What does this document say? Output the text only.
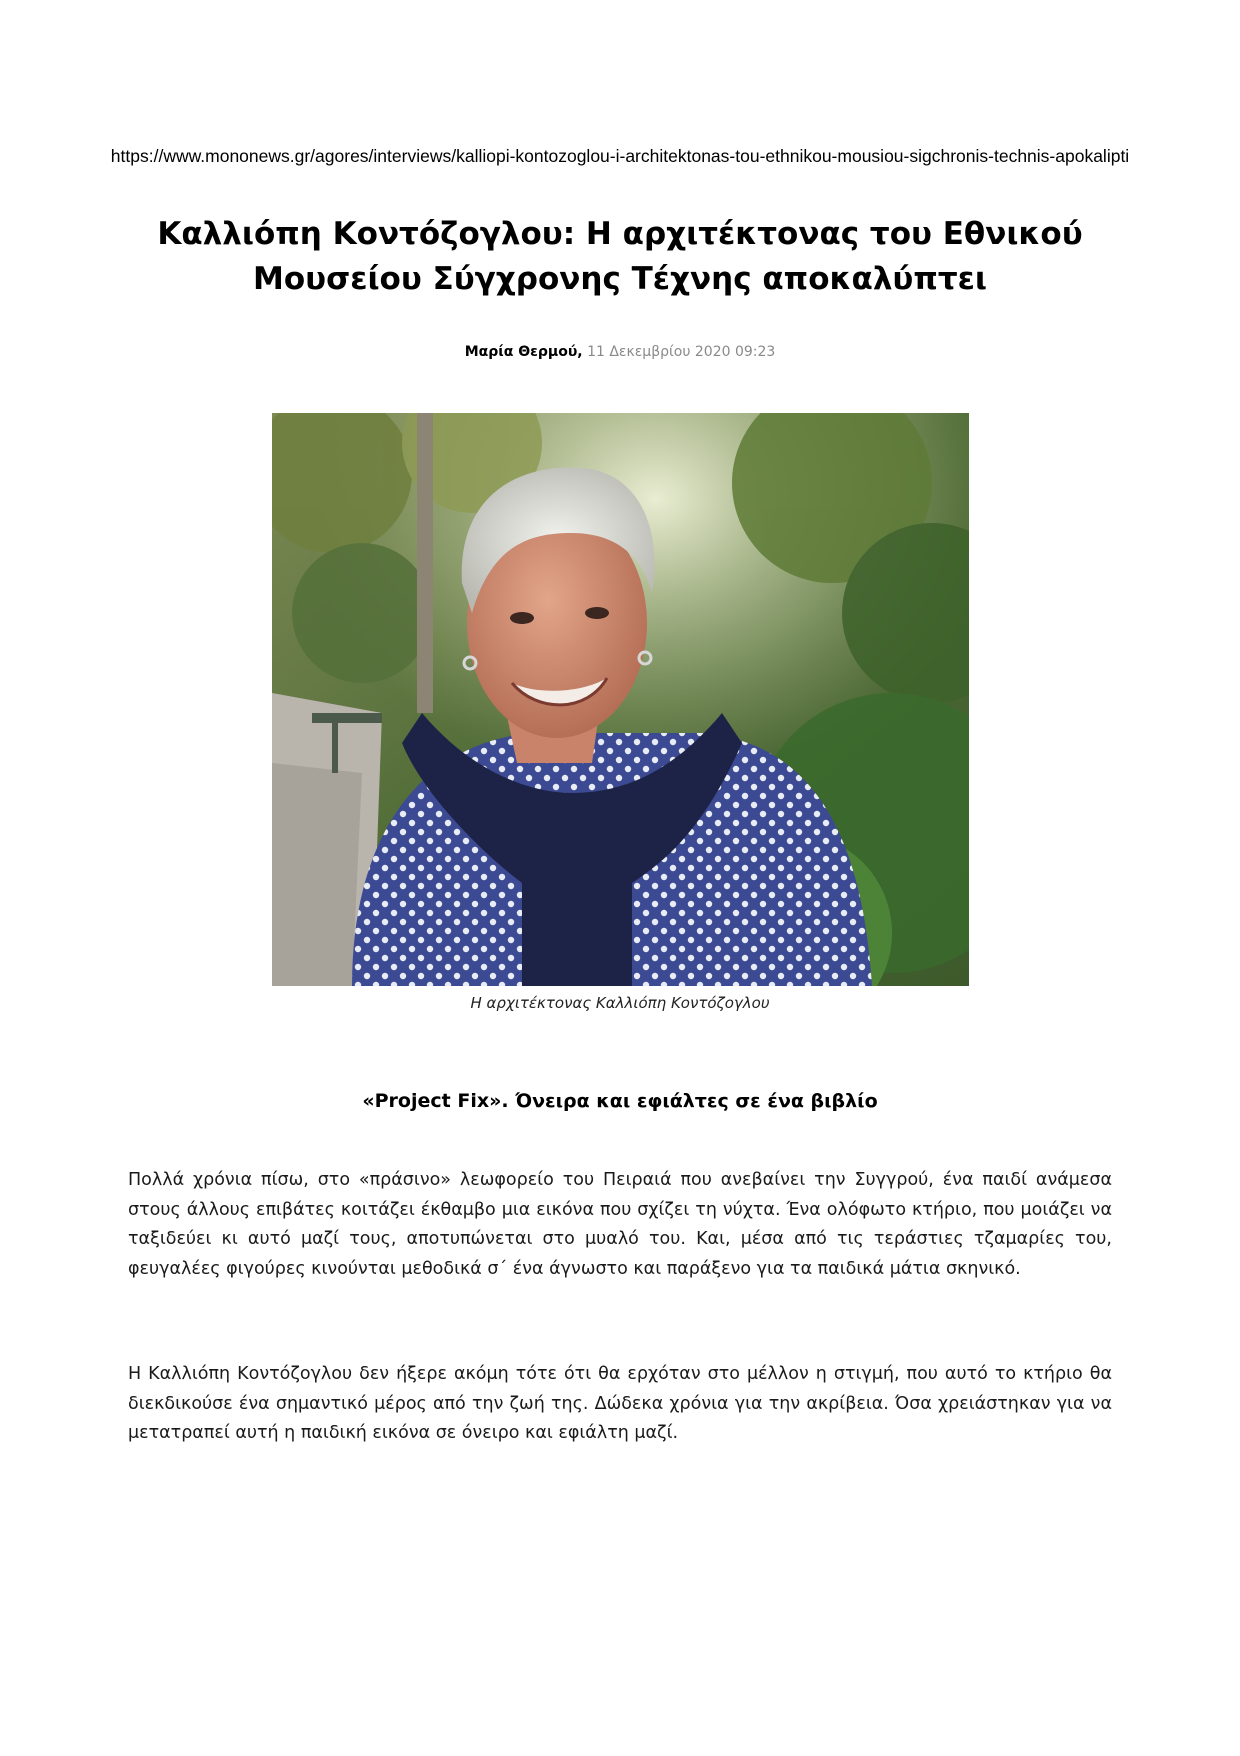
https://www.mononews.gr/agores/interviews/kalliopi-kontozoglou-i-architektonas-tou-ethnikou-mousiou-sigchronis-technis-apokalipti
Καλλιόπη Κοντόζογλου: Η αρχιτέκτονας του Εθνικού Μουσείου Σύγχρονης Τέχνης αποκαλύπτει
Μαρία Θερμού, 11 Δεκεμβρίου 2020 09:23
Η αρχιτέκτονας Καλλιόπη Κοντόζογλου
«Project Fix». Όνειρα και εφιάλτες σε ένα βιβλίο

Πολλά χρόνια πίσω, στο «πράσινο» λεωφορείο του Πειραιά που ανεβαίνει την Συγγρού, ένα παιδί ανάμεσα στους άλλους επιβάτες κοιτάζει έκθαμβο μια εικόνα που σχίζει τη νύχτα. Ένα ολόφωτο κτήριο, που μοιάζει να ταξιδεύει κι αυτό μαζί τους, αποτυπώνεται στο μυαλό του. Και, μέσα από τις τεράστιες τζαμαρίες του, φευγαλέες φιγούρες κινούνται μεθοδικά σ΄ ένα άγνωστο και παράξενο για τα παιδικά μάτια σκηνικό.

Η Καλλιόπη Κοντόζογλου δεν ήξερε ακόμη τότε ότι θα ερχόταν στο μέλλον η στιγμή, που αυτό το κτήριο θα διεκδικούσε ένα σημαντικό μέρος από την ζωή της. Δώδεκα χρόνια για την ακρίβεια. Όσα χρειάστηκαν για να μετατραπεί αυτή η παιδική εικόνα σε όνειρο και εφιάλτη μαζί.
